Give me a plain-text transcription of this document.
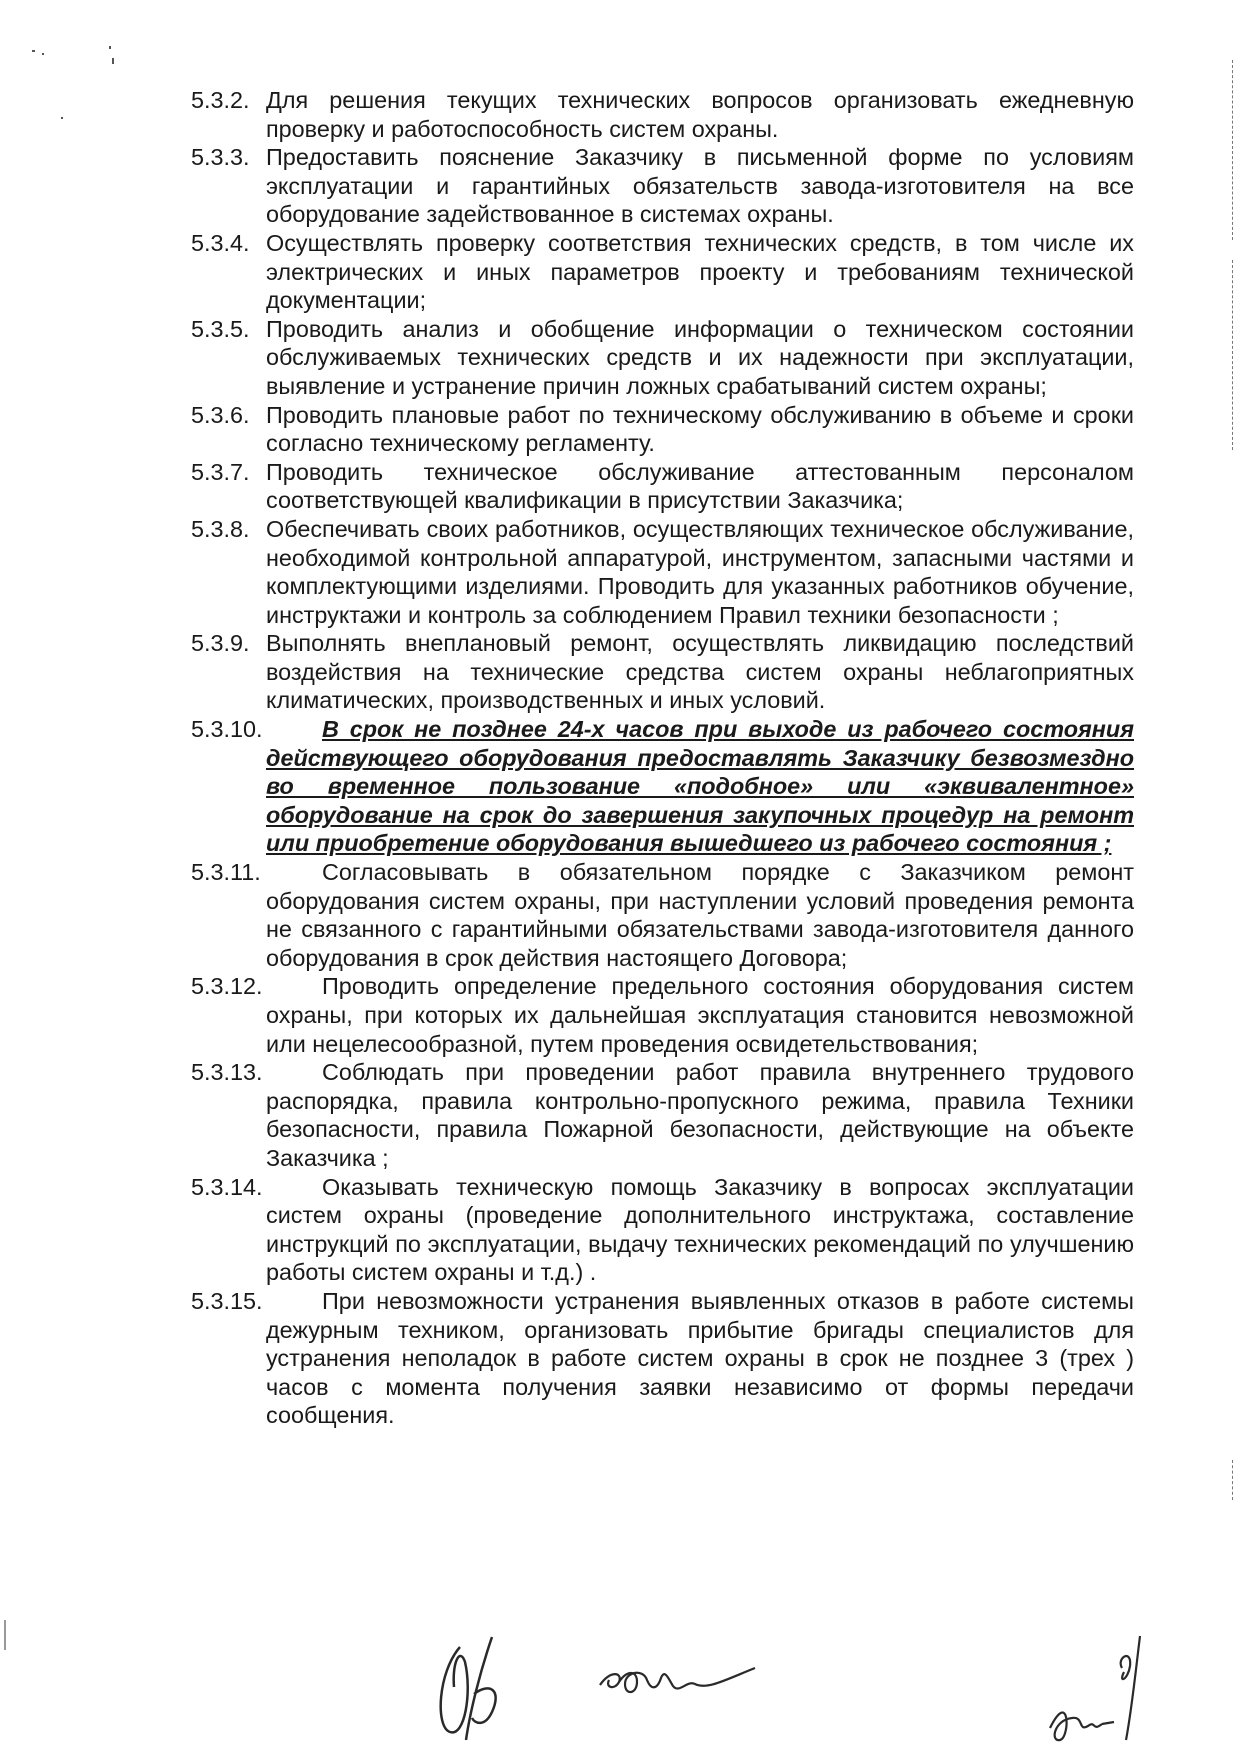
5.3.2. Для решения текущих технических вопросов организовать ежедневную проверку и работоспособность систем охраны.
5.3.3. Предоставить пояснение Заказчику в письменной форме по условиям эксплуатации и гарантийных обязательств завода-изготовителя на все оборудование задействованное в системах охраны.
5.3.4. Осуществлять проверку соответствия технических средств, в том числе их электрических и иных параметров проекту и требованиям технической документации;
5.3.5. Проводить анализ и обобщение информации о техническом состоянии обслуживаемых технических средств и их надежности при эксплуатации, выявление и устранение причин ложных срабатываний систем охраны;
5.3.6. Проводить плановые работ по техническому обслуживанию в объеме и сроки согласно техническому регламенту.
5.3.7. Проводить техническое обслуживание аттестованным персоналом соответствующей квалификации в присутствии Заказчика;
5.3.8. Обеспечивать своих работников, осуществляющих техническое обслуживание, необходимой контрольной аппаратурой, инструментом, запасными частями и комплектующими изделиями. Проводить для указанных работников обучение, инструктажи и контроль за соблюдением Правил техники безопасности ;
5.3.9. Выполнять внеплановый ремонт, осуществлять ликвидацию последствий воздействия на технические средства систем охраны неблагоприятных климатических, производственных и иных условий.
5.3.10.	В срок не позднее 24-х часов при выходе из рабочего состояния действующего оборудования предоставлять Заказчику безвозмездно во временное пользование «подобное» или «эквивалентное» оборудование на срок до завершения закупочных процедур на ремонт или приобретение оборудования вышедшего из рабочего состояния ;
5.3.11.	Согласовывать в обязательном порядке с Заказчиком ремонт оборудования систем охраны, при наступлении условий проведения ремонта не связанного с гарантийными обязательствами завода-изготовителя данного оборудования в срок действия настоящего Договора;
5.3.12.	Проводить определение предельного состояния оборудования систем охраны, при которых их дальнейшая эксплуатация становится невозможной или нецелесообразной, путем проведения освидетельствования;
5.3.13.	Соблюдать при проведении работ правила внутреннего трудового распорядка, правила контрольно-пропускного режима, правила Техники безопасности, правила Пожарной безопасности, действующие на объекте Заказчика ;
5.3.14.	Оказывать техническую помощь Заказчику в вопросах эксплуатации систем охраны (проведение дополнительного инструктажа, составление инструкций по эксплуатации, выдачу технических рекомендаций по улучшению работы систем охраны и т.д.) .
5.3.15.	При невозможности устранения выявленных отказов в работе системы дежурным техником, организовать прибытие бригады специалистов для устранения неполадок в работе систем охраны в срок не позднее 3 (трех ) часов с момента получения заявки независимо от формы передачи сообщения.
